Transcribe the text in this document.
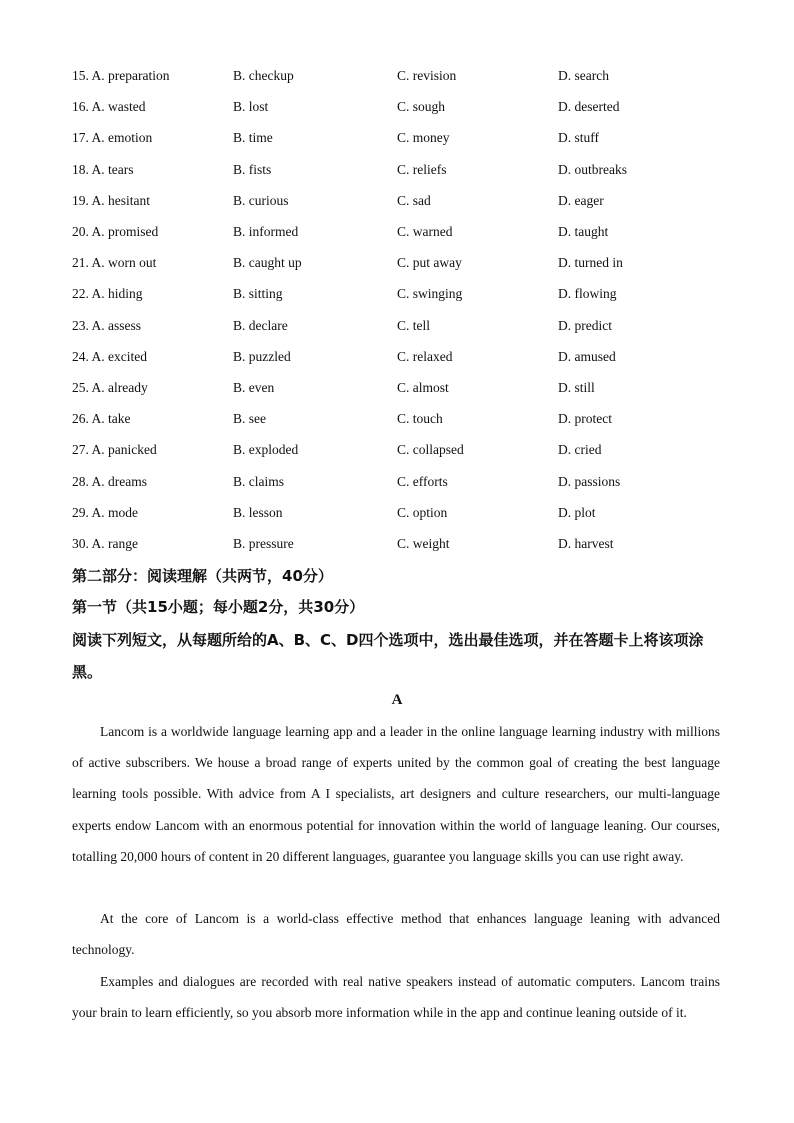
15. A. preparation	B. checkup	C. revision	D. search
16. A. wasted	B. lost	C. sough	D. deserted
17. A. emotion	B. time	C. money	D. stuff
18. A. tears	B. fists	C. reliefs	D. outbreaks
19. A. hesitant	B. curious	C. sad	D. eager
20. A. promised	B. informed	C. warned	D. taught
21. A. worn out	B. caught up	C. put away	D. turned in
22. A. hiding	B. sitting	C. swinging	D. flowing
23. A. assess	B. declare	C. tell	D. predict
24. A. excited	B. puzzled	C. relaxed	D. amused
25. A. already	B. even	C. almost	D. still
26. A. take	B. see	C. touch	D. protect
27. A. panicked	B. exploded	C. collapsed	D. cried
28. A. dreams	B. claims	C. efforts	D. passions
29. A. mode	B. lesson	C. option	D. plot
30. A. range	B. pressure	C. weight	D. harvest
第二部分：阅读理解（共两节，40分）
第一节（共15小题；每小题2分，共30分）
阅读下列短文，从每题所给的A、B、C、D四个选项中，选出最佳选项，并在答题卡上将该项涂黑。
A
Lancom is a worldwide language learning app and a leader in the online language learning industry with millions of active subscribers. We house a broad range of experts united by the common goal of creating the best language learning tools possible. With advice from A I specialists, art designers and culture researchers, our multi-language experts endow Lancom with an enormous potential for innovation within the world of language leaning. Our courses, totalling 20,000 hours of content in 20 different languages, guarantee you language skills you can use right away.
At the core of Lancom is a world-class effective method that enhances language leaning with advanced technology.
Examples and dialogues are recorded with real native speakers instead of automatic computers. Lancom trains your brain to learn efficiently, so you absorb more information while in the app and continue leaning outside of it.
